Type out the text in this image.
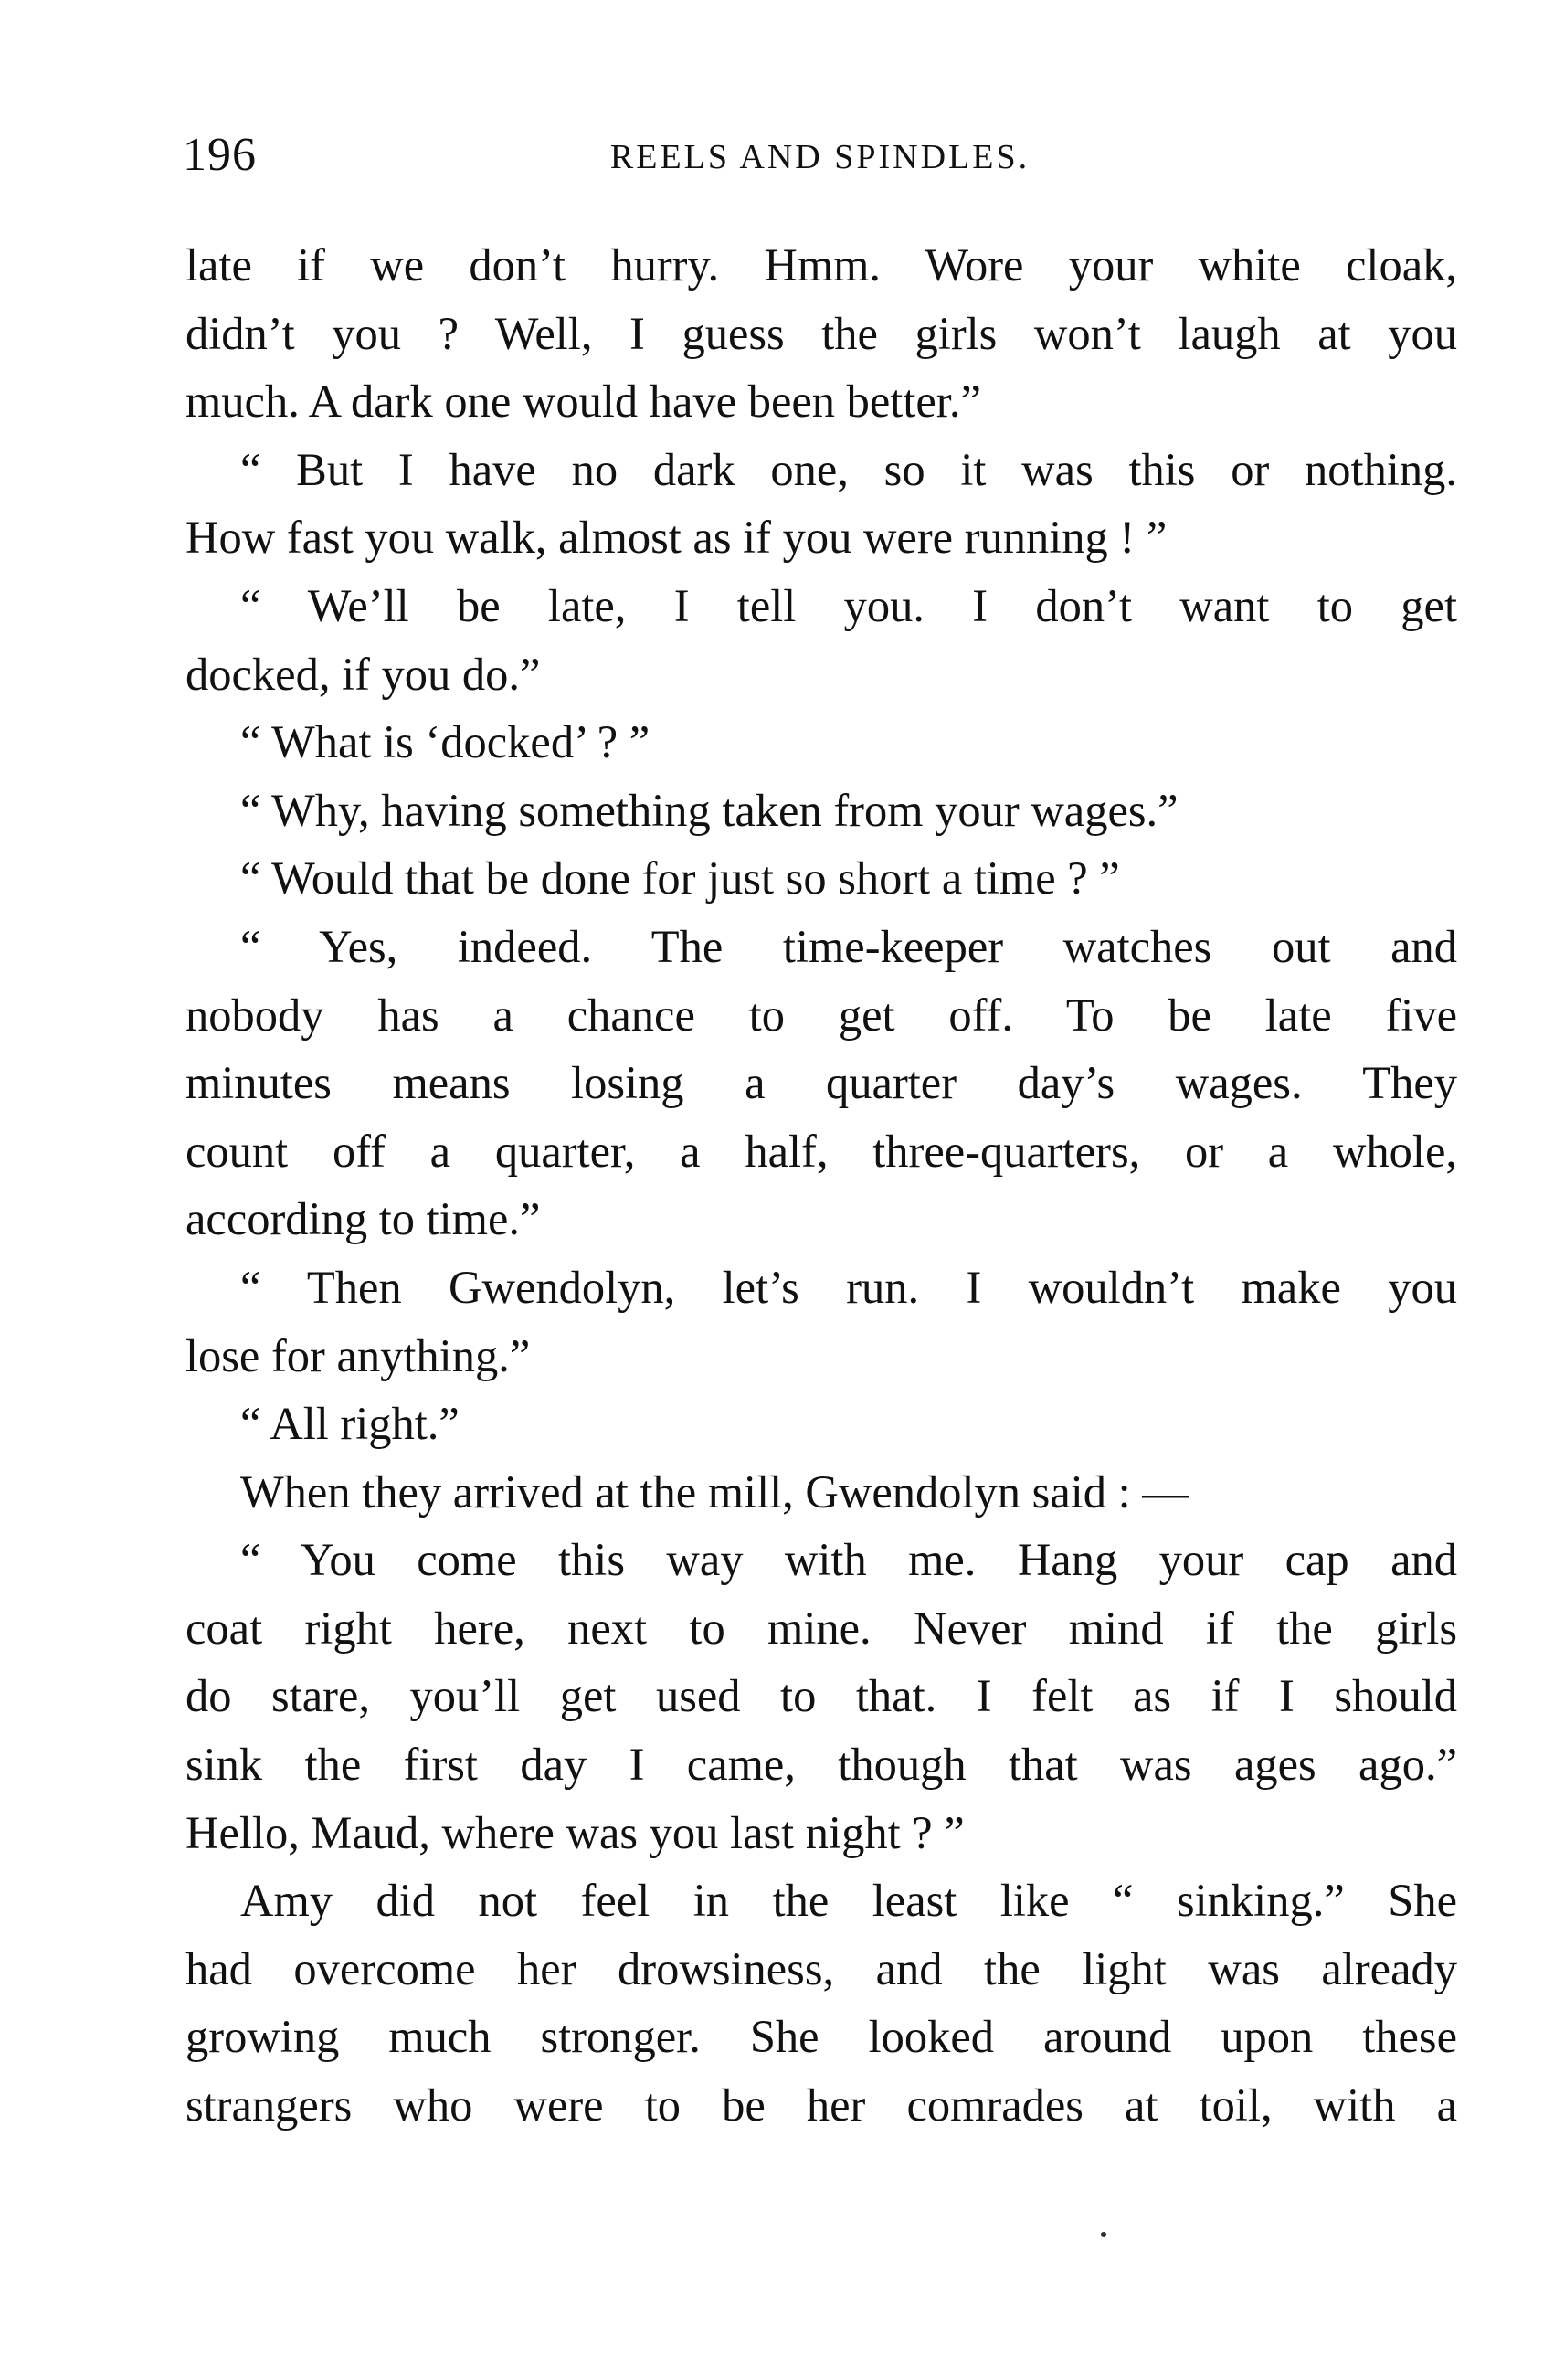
196	REELS AND SPINDLES.
late if we don’t hurry. Hmm. Wore your white cloak,
didn’t you ? Well, I guess the girls won’t laugh at you
much. A dark one would have been better.”
“ But I have no dark one, so it was this or nothing.
How fast you walk, almost as if you were running ! ”
“ We’ll be late, I tell you. I don’t want to get
docked, if you do.”
“ What is ‘docked’ ? ”
“ Why, having something taken from your wages.”
“ Would that be done for just so short a time ? ”
“ Yes, indeed. The time-keeper watches out and
nobody has a chance to get off. To be late five
minutes means losing a quarter day’s wages. They
count off a quarter, a half, three-quarters, or a whole,
according to time.”
“ Then Gwendolyn, let’s run. I wouldn’t make you
lose for anything.”
“ All right.”
When they arrived at the mill, Gwendolyn said : —
“ You come this way with me. Hang your cap and
coat right here, next to mine. Never mind if the girls
do stare, you’ll get used to that. I felt as if I should
sink the first day I came, though that was ages ago.”
Hello, Maud, where was you last night ? ”
Amy did not feel in the least like “ sinking.” She
had overcome her drowsiness, and the light was already
growing much stronger. She looked around upon these
strangers who were to be her comrades at toil, with a
